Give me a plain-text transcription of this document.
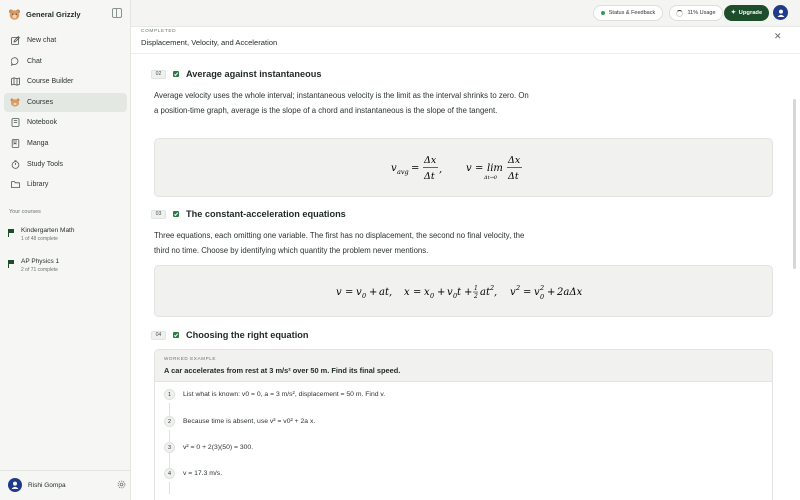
General Grizzly
New chat
Chat
Course Builder
Courses
Notebook
Manga
Study Tools
Library
Your courses
Kindergarten Math
1 of 48 complete
AP Physics 1
2 of 71 complete
Rishi Gompa
Status & Feedback	11% Usage	✦ Upgrade
COMPLETED
Displacement, Velocity, and Acceleration
✕
02	Average against instantaneous

Average velocity uses the whole interval; instantaneous velocity is the limit as the interval shrinks to zero. On a position-time graph, average is the slope of a chord and instantaneous is the slope of the tangent.

v avg =
Δx
Δt
, v = lim
Δt→0
Δx
Δt
03	The constant-acceleration equations

Three equations, each omitting one variable. The first has no displacement, the second no final velocity, the third no time. Choose by identifying which quantity the problem never mentions.

v = v 0 + at, x = x 0 + v 0 t + 1
2 at 2 , v 2 = v 2
0 + 2aΔx
04	Choosing the right equation
WORKED EXAMPLE
A car accelerates from rest at 3 m/s² over 50 m. Find its final speed.
1	List what is known: v0 = 0, a = 3 m/s², displacement = 50 m. Find v.
2	Because time is absent, use v² = v0² + 2a x.
3	v² = 0 + 2(3)(50) = 300.
4	v = 17.3 m/s.
